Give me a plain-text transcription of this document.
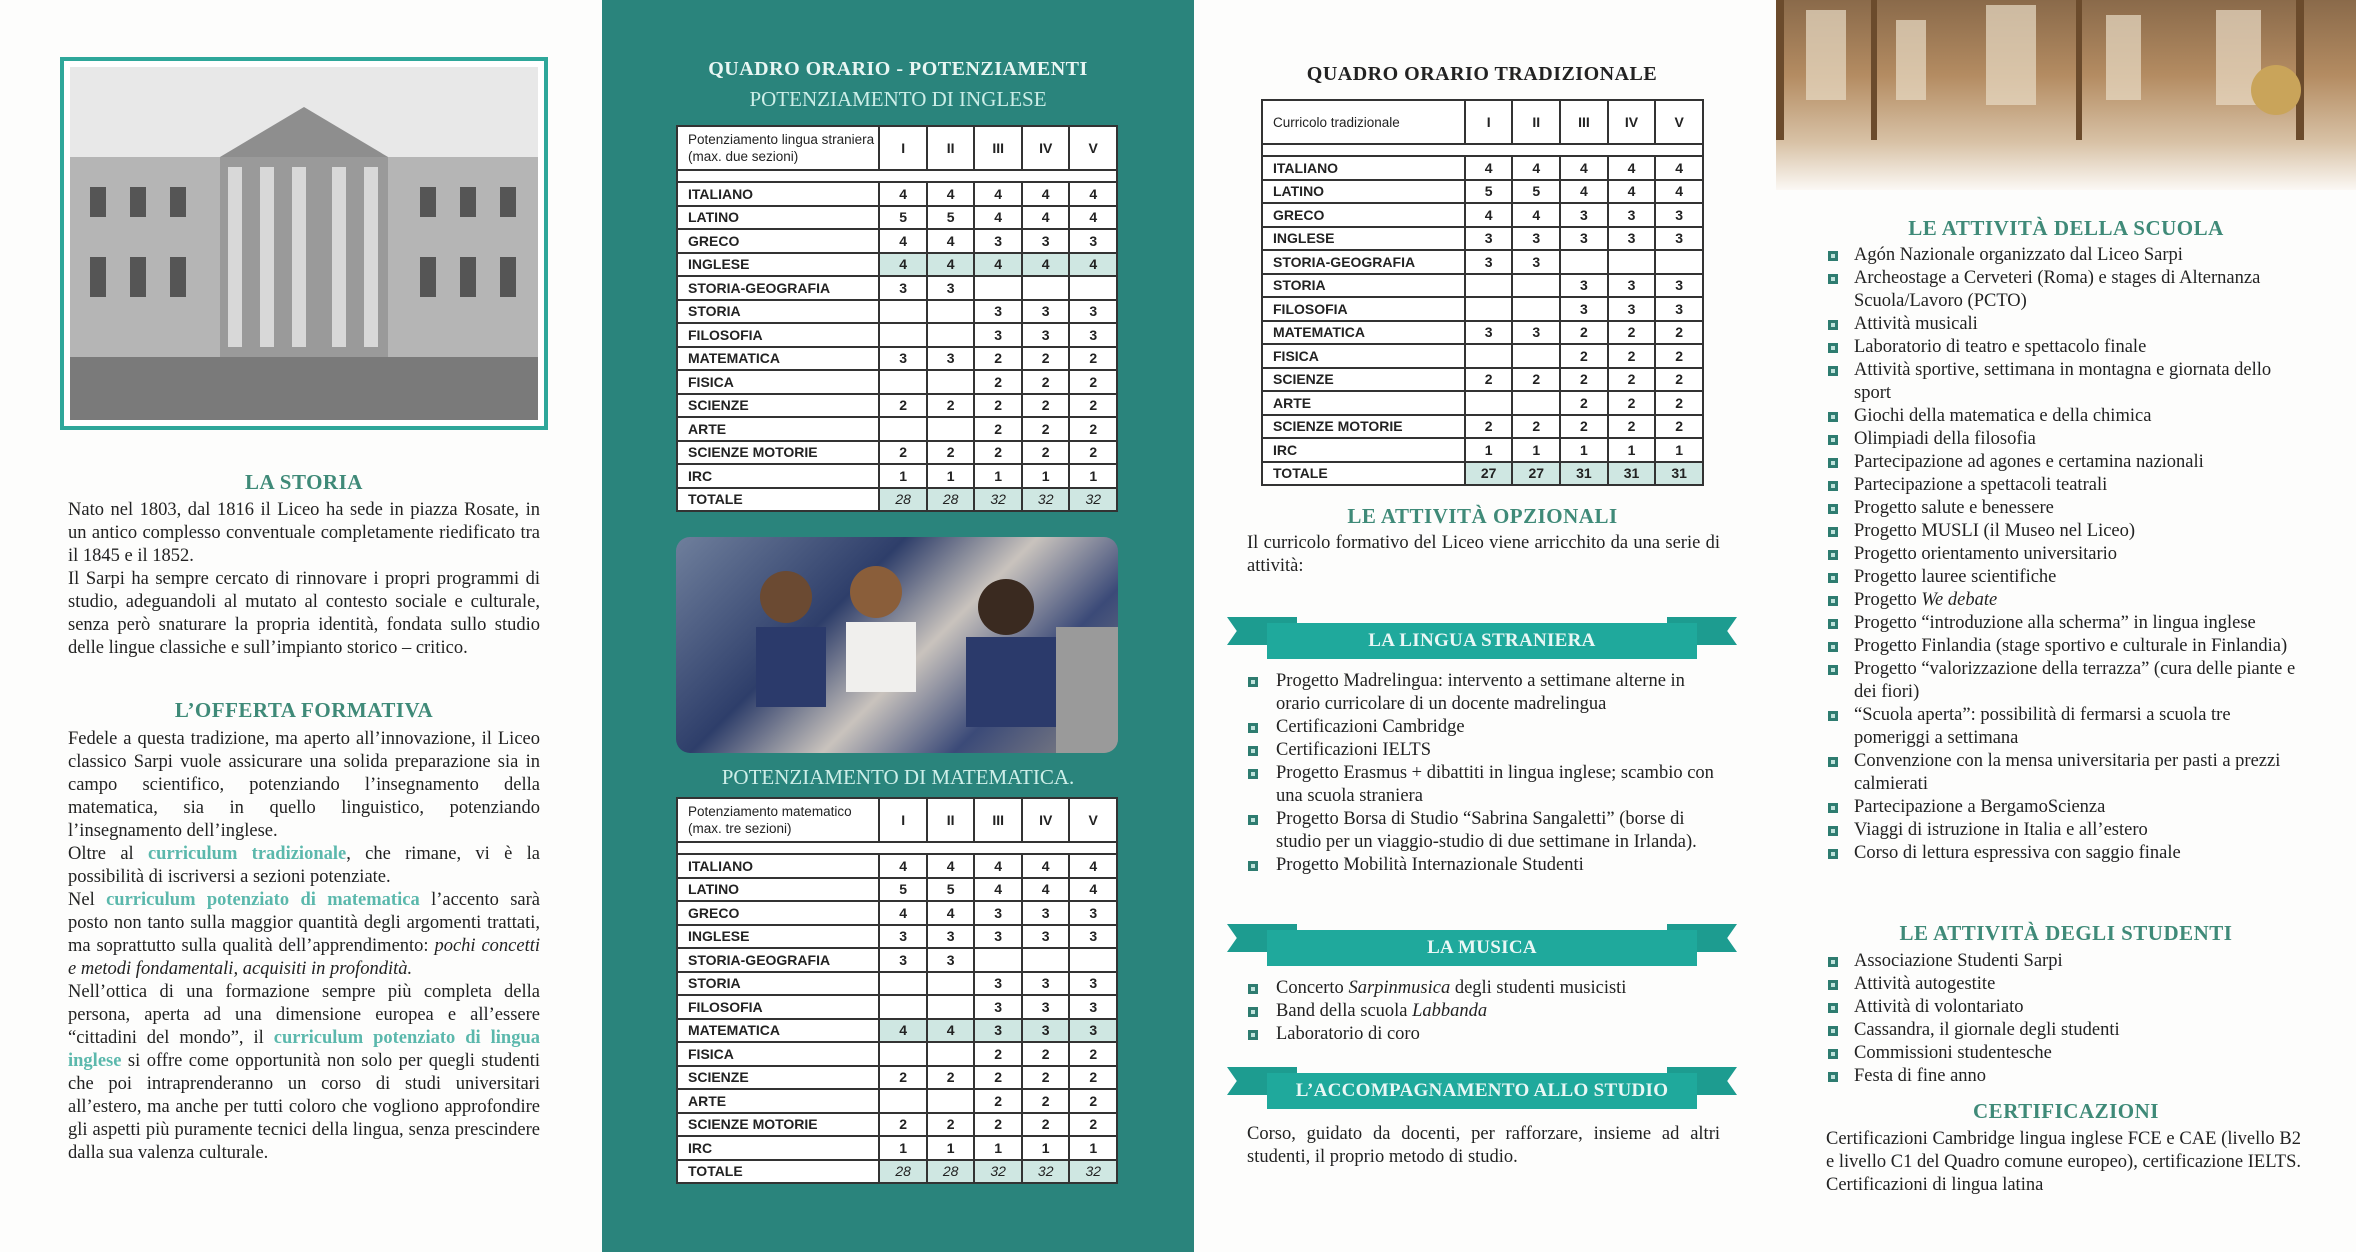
LA STORIA

Nato nel 1803, dal 1816 il Liceo ha sede in piazza Rosate, in un antico complesso conventuale completamente riedificato tra il 1845 e il 1852.

Il Sarpi ha sempre cercato di rinnovare i propri programmi di studio, adeguandoli al mutato al contesto sociale e culturale, senza però snaturare la propria identità, fondata sullo studio delle lingue classiche e sull’impianto storico – critico.

L’OFFERTA FORMATIVA

Fedele a questa tradizione, ma aperto all’innovazione, il Liceo classico Sarpi vuole assicurare una solida preparazione sia in campo scientifico, potenziando l’insegnamento della matematica, sia in quello linguistico, potenziando l’insegnamento dell’inglese.

Oltre al curriculum tradizionale, che rimane, vi è la possibilità di iscriversi a sezioni potenziate.

Nel curriculum potenziato di matematica l’accento sarà posto non tanto sulla maggior quantità degli argomenti trattati, ma soprattutto sulla qualità dell’apprendimento: pochi concetti e metodi fondamentali, acquisiti in profondità.

Nell’ottica di una formazione sempre più completa della persona, aperta ad una dimensione europea e all’essere “cittadini del mondo”, il curriculum potenziato di lingua inglese si offre come opportunità non solo per quegli studenti che poi intraprenderanno un corso di studi universitari all’estero, ma anche per tutti coloro che vogliono approfondire gli aspetti più puramente tecnici della lingua, senza prescindere dalla sua valenza culturale.

QUADRO ORARIO - POTENZIAMENTI
POTENZIAMENTO DI INGLESE
Potenziamento lingua straniera (max. due sezioni)	I	II	III	IV	V

ITALIANO	4	4	4	4	4
LATINO	5	5	4	4	4
GRECO	4	4	3	3	3
INGLESE	4	4	4	4	4
STORIA-GEOGRAFIA	3	3			
STORIA			3	3	3
FILOSOFIA			3	3	3
MATEMATICA	3	3	2	2	2
FISICA			2	2	2
SCIENZE	2	2	2	2	2
ARTE			2	2	2
SCIENZE MOTORIE	2	2	2	2	2
IRC	1	1	1	1	1
TOTALE	28	28	32	32	32
POTENZIAMENTO DI MATEMATICA.
Potenziamento matematico (max. tre sezioni)	I	II	III	IV	V

ITALIANO	4	4	4	4	4
LATINO	5	5	4	4	4
GRECO	4	4	3	3	3
INGLESE	3	3	3	3	3
STORIA-GEOGRAFIA	3	3			
STORIA			3	3	3
FILOSOFIA			3	3	3
MATEMATICA	4	4	3	3	3
FISICA			2	2	2
SCIENZE	2	2	2	2	2
ARTE			2	2	2
SCIENZE MOTORIE	2	2	2	2	2
IRC	1	1	1	1	1
TOTALE	28	28	32	32	32
QUADRO ORARIO TRADIZIONALE
Curricolo tradizionale	I	II	III	IV	V

ITALIANO	4	4	4	4	4
LATINO	5	5	4	4	4
GRECO	4	4	3	3	3
INGLESE	3	3	3	3	3
STORIA-GEOGRAFIA	3	3			
STORIA			3	3	3
FILOSOFIA			3	3	3
MATEMATICA	3	3	2	2	2
FISICA			2	2	2
SCIENZE	2	2	2	2	2
ARTE			2	2	2
SCIENZE MOTORIE	2	2	2	2	2
IRC	1	1	1	1	1
TOTALE	27	27	31	31	31
LE ATTIVITÀ OPZIONALI
Il curricolo formativo del Liceo viene arricchito da una serie di attività:
LA LINGUA STRANIERA
Progetto Madrelingua: intervento a settimane alterne in orario curricolare di un docente madrelingua
Certificazioni Cambridge
Certificazioni IELTS
Progetto Erasmus + dibattiti in lingua inglese; scambio con una scuola straniera
Progetto Borsa di Studio “Sabrina Sangaletti” (borse di studio per un viaggio-studio di due settimane in Irlanda).
Progetto Mobilità Internazionale Studenti
LA MUSICA
Concerto Sarpinmusica degli studenti musicisti
Band della scuola Labbanda
Laboratorio di coro
L’ACCOMPAGNAMENTO ALLO STUDIO
Corso, guidato da docenti, per rafforzare, insieme ad altri studenti, il proprio metodo di studio.
LE ATTIVITÀ DELLA SCUOLA
Agón Nazionale organizzato dal Liceo Sarpi
Archeostage a Cerveteri (Roma) e stages di Alternanza Scuola/Lavoro (PCTO)
Attività musicali
Laboratorio di teatro e spettacolo finale
Attività sportive, settimana in montagna e giornata dello sport
Giochi della matematica e della chimica
Olimpiadi della filosofia
Partecipazione ad agones e certamina nazionali
Partecipazione a spettacoli teatrali
Progetto salute e benessere
Progetto MUSLI (il Museo nel Liceo)
Progetto orientamento universitario
Progetto lauree scientifiche
Progetto We debate
Progetto “introduzione alla scherma” in lingua inglese
Progetto Finlandia (stage sportivo e culturale in Finlandia)
Progetto “valorizzazione della terrazza” (cura delle piante e dei fiori)
“Scuola aperta”: possibilità di fermarsi a scuola tre pomeriggi a settimana
Convenzione con la mensa universitaria per pasti a prezzi calmierati
Partecipazione a BergamoScienza
Viaggi di istruzione in Italia e all’estero
Corso di lettura espressiva con saggio finale
LE ATTIVITÀ DEGLI STUDENTI
Associazione Studenti Sarpi
Attività autogestite
Attività di volontariato
Cassandra, il giornale degli studenti
Commissioni studentesche
Festa di fine anno
CERTIFICAZIONI
Certificazioni Cambridge lingua inglese FCE e CAE (livello B2 e livello C1 del Quadro comune europeo), certificazione IELTS. Certificazioni di lingua latina
